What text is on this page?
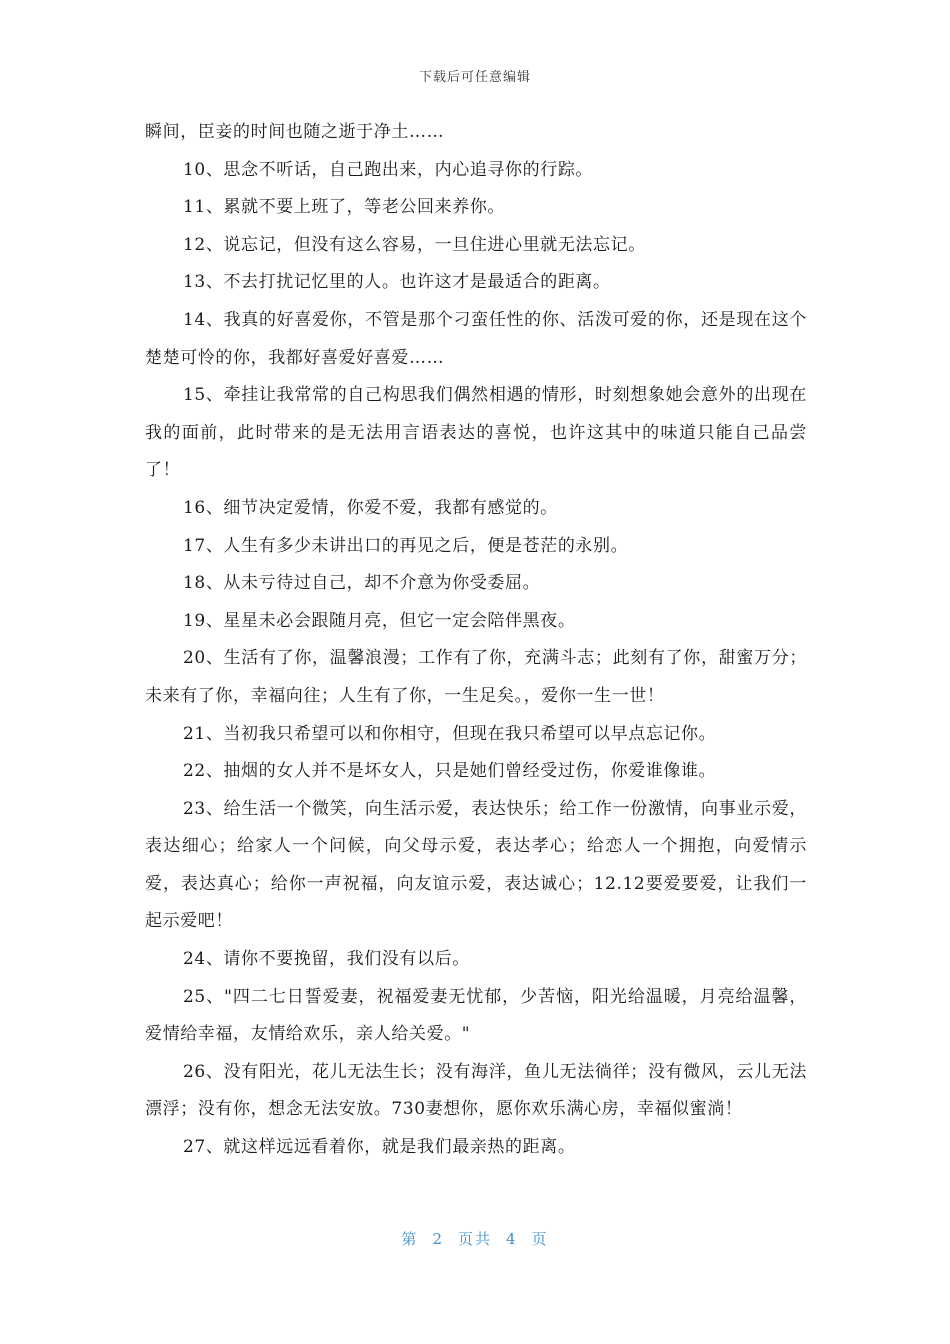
下载后可任意编辑

瞬间，臣妾的时间也随之逝于净土……

10、思念不听话，自己跑出来，内心追寻你的行踪。

11、累就不要上班了，等老公回来养你。

12、说忘记，但没有这么容易，一旦住进心里就无法忘记。

13、不去打扰记忆里的人。也许这才是最适合的距离。

14、我真的好喜爱你，不管是那个刁蛮任性的你、活泼可爱的你，还是现在这个楚楚可怜的你，我都好喜爱好喜爱……

15、牵挂让我常常的自己构思我们偶然相遇的情形，时刻想象她会意外的出现在我的面前，此时带来的是无法用言语表达的喜悦，也许这其中的味道只能自己品尝了！

16、细节决定爱情，你爱不爱，我都有感觉的。

17、人生有多少未讲出口的再见之后，便是苍茫的永别。

18、从未亏待过自己，却不介意为你受委屈。

19、星星未必会跟随月亮，但它一定会陪伴黑夜。

20、生活有了你，温馨浪漫；工作有了你，充满斗志；此刻有了你，甜蜜万分；未来有了你，幸福向往；人生有了你，一生足矣。，爱你一生一世！

21、当初我只希望可以和你相守，但现在我只希望可以早点忘记你。

22、抽烟的女人并不是坏女人，只是她们曾经受过伤，你爱谁像谁。

23、给生活一个微笑，向生活示爱，表达快乐；给工作一份激情，向事业示爱，表达细心；给家人一个问候，向父母示爱，表达孝心；给恋人一个拥抱，向爱情示爱，表达真心；给你一声祝福，向友谊示爱，表达诚心；12.12要爱要爱，让我们一起示爱吧！

24、请你不要挽留，我们没有以后。

25、"四二七日誓爱妻，祝福爱妻无忧郁，少苦恼，阳光给温暖，月亮给温馨，爱情给幸福，友情给欢乐，亲人给关爱。"

26、没有阳光，花儿无法生长；没有海洋，鱼儿无法徜徉；没有微风，云儿无法漂浮；没有你，想念无法安放。730妻想你，愿你欢乐满心房，幸福似蜜淌！

27、就这样远远看着你，就是我们最亲热的距离。

第 2 页共 4 页
